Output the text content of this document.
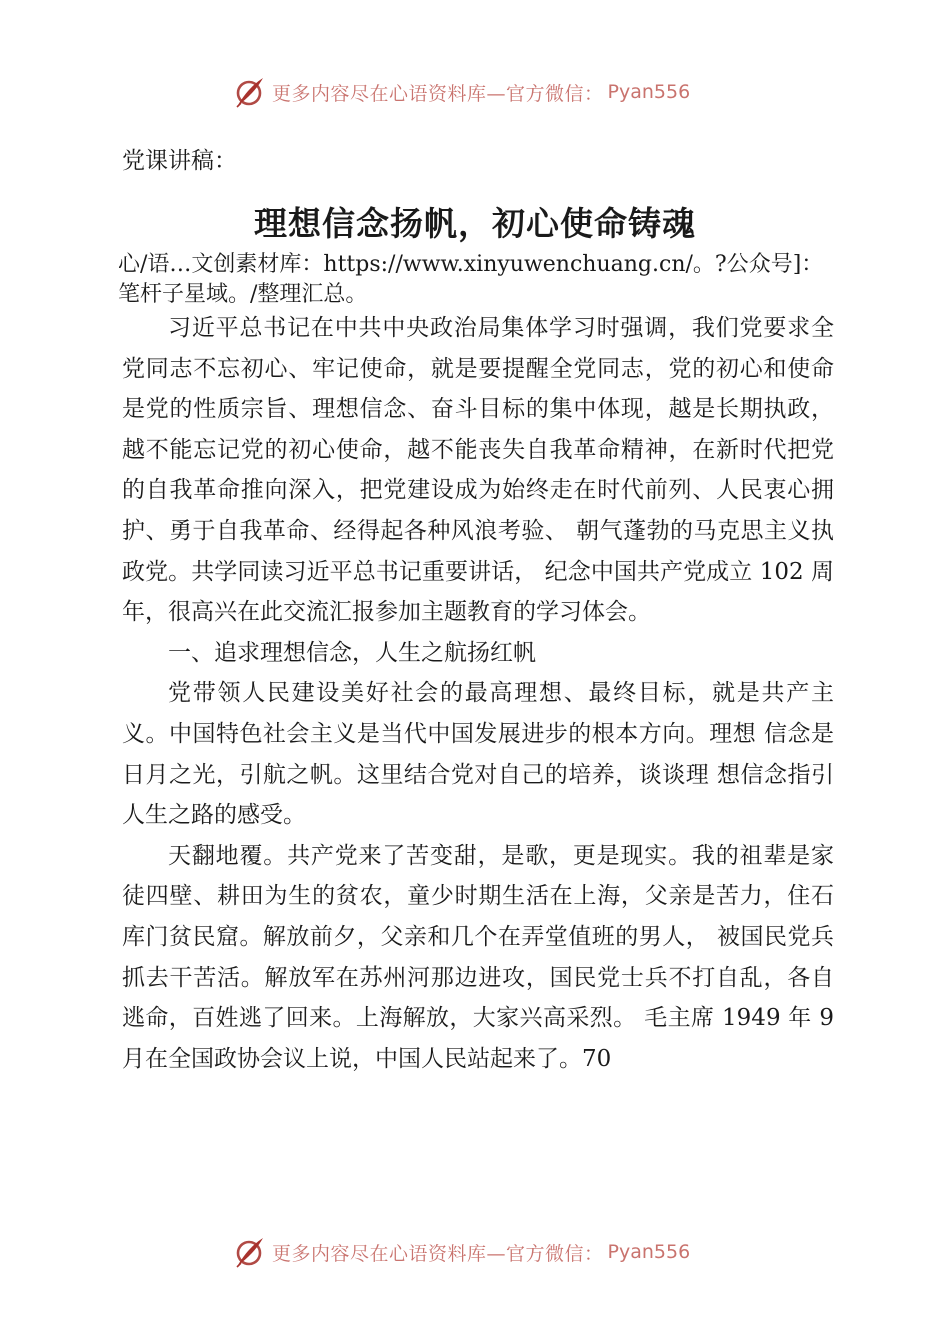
更多内容尽在心语资料库—官方微信： Pyan556
党课讲稿：
理想信念扬帆，初心使命铸魂
心/语…文创素材库：https://www.xinyuwenchuang.cn/。?公众号]：笔杆子星域。/整理汇总。

习近平总书记在中共中央政治局集体学习时强调，我们党要求全党同志不忘初心、牢记使命，就是要提醒全党同志，党的初心和使命是党的性质宗旨、理想信念、奋斗目标的集中体现，越是长期执政，越不能忘记党的初心使命，越不能丧失自我革命精神，在新时代把党的自我革命推向深入，把党建设成为始终走在时代前列、人民衷心拥护、勇于自我革命、经得起各种风浪考验、 朝气蓬勃的马克思主义执政党。共学同读习近平总书记重要讲话， 纪念中国共产党成立 102 周年，很高兴在此交流汇报参加主题教育的学习体会。

一、追求理想信念，人生之航扬红帆

党带领人民建设美好社会的最高理想、最终目标，就是共产主义。中国特色社会主义是当代中国发展进步的根本方向。理想 信念是日月之光，引航之帆。这里结合党对自己的培养，谈谈理 想信念指引人生之路的感受。

天翻地覆。共产党来了苦变甜，是歌，更是现实。我的祖辈是家徒四壁、耕田为生的贫农，童少时期生活在上海，父亲是苦力，住石库门贫民窟。解放前夕，父亲和几个在弄堂值班的男人， 被国民党兵抓去干苦活。解放军在苏州河那边进攻，国民党士兵不打自乱，各自逃命，百姓逃了回来。上海解放，大家兴高采烈。 毛主席 1949 年 9 月在全国政协会议上说，中国人民站起来了。70

更多内容尽在心语资料库—官方微信： Pyan556
